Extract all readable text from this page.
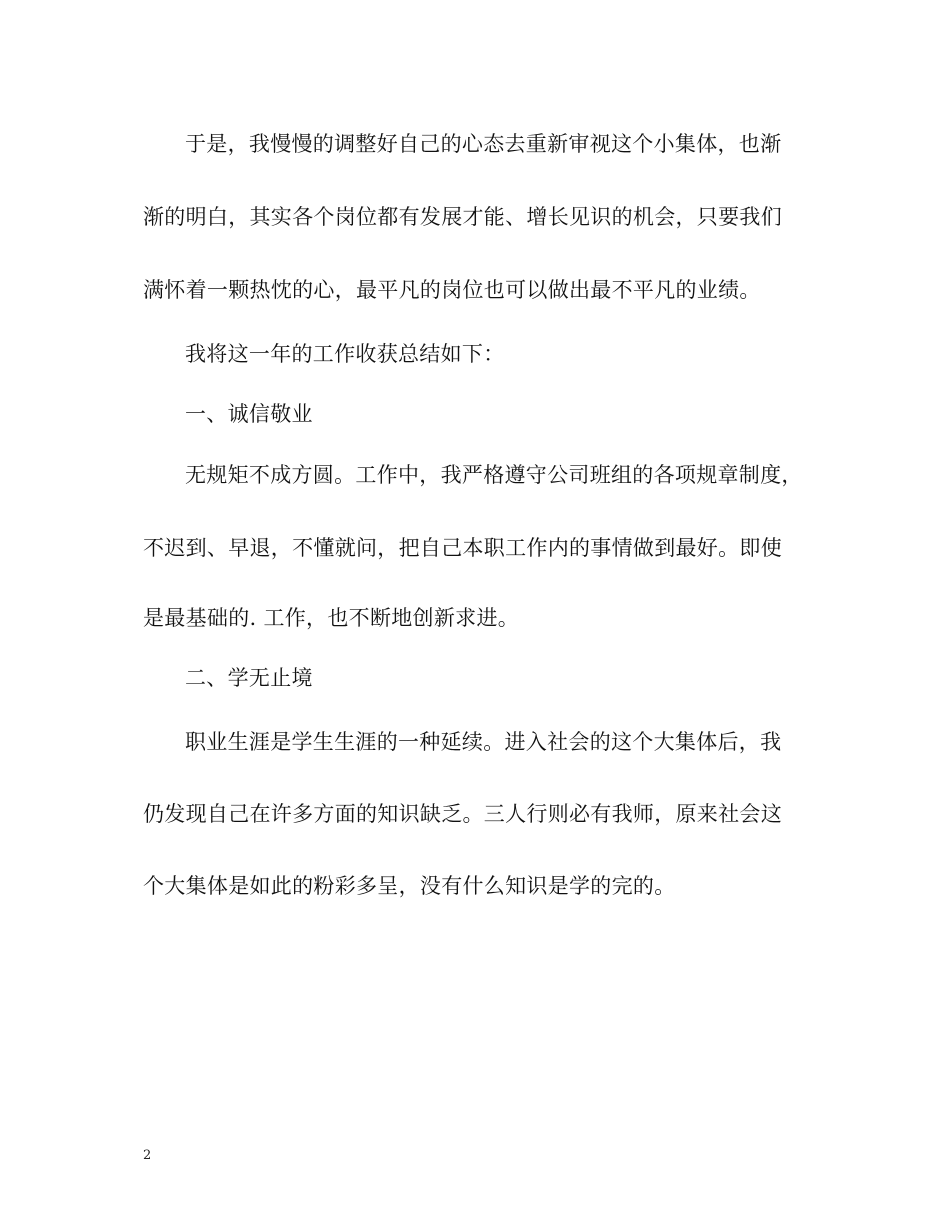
于是，我慢慢的调整好自己的心态去重新审视这个小集体，也渐
渐的明白，其实各个岗位都有发展才能、增长见识的机会，只要我们
满怀着一颗热忱的心，最平凡的岗位也可以做出最不平凡的业绩。
我将这一年的工作收获总结如下：
一、诚信敬业
无规矩不成方圆。工作中，我严格遵守公司班组的各项规章制度，
不迟到、早退，不懂就问，把自己本职工作内的事情做到最好。即使
是最基础的. 工作，也不断地创新求进。
二、学无止境
职业生涯是学生生涯的一种延续。进入社会的这个大集体后，我
仍发现自己在许多方面的知识缺乏。三人行则必有我师，原来社会这
个大集体是如此的粉彩多呈，没有什么知识是学的完的。
2
